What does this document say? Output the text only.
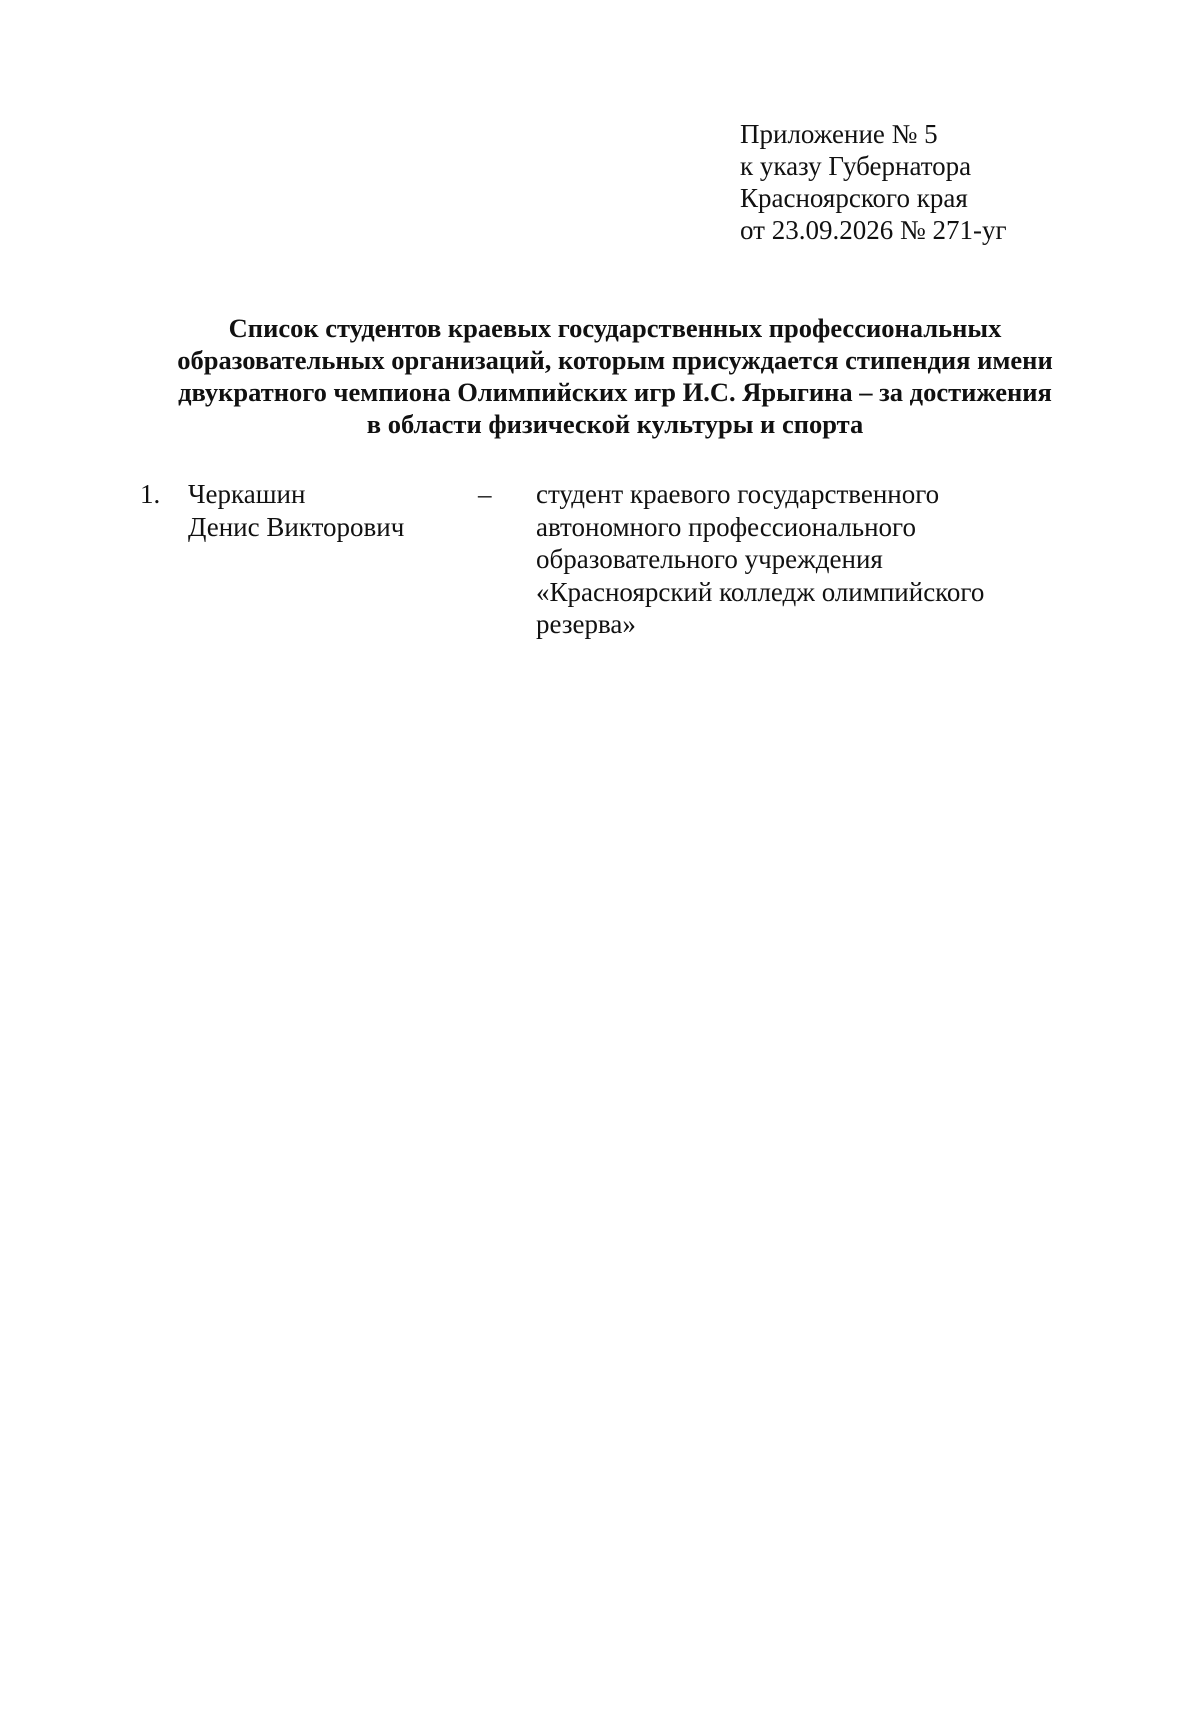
Приложение № 5
к указу Губернатора
Красноярского края
от 23.09.2026 № 271-уг
Список студентов краевых государственных профессиональных
образовательных организаций, которым присуждается стипендия имени
двукратного чемпиона Олимпийских игр И.С. Ярыгина – за достижения
в области физической культуры и спорта
1. Черкашин
Денис Викторович
– студент краевого государственного
автономного профессионального
образовательного учреждения
«Красноярский колледж олимпийского
резерва»
